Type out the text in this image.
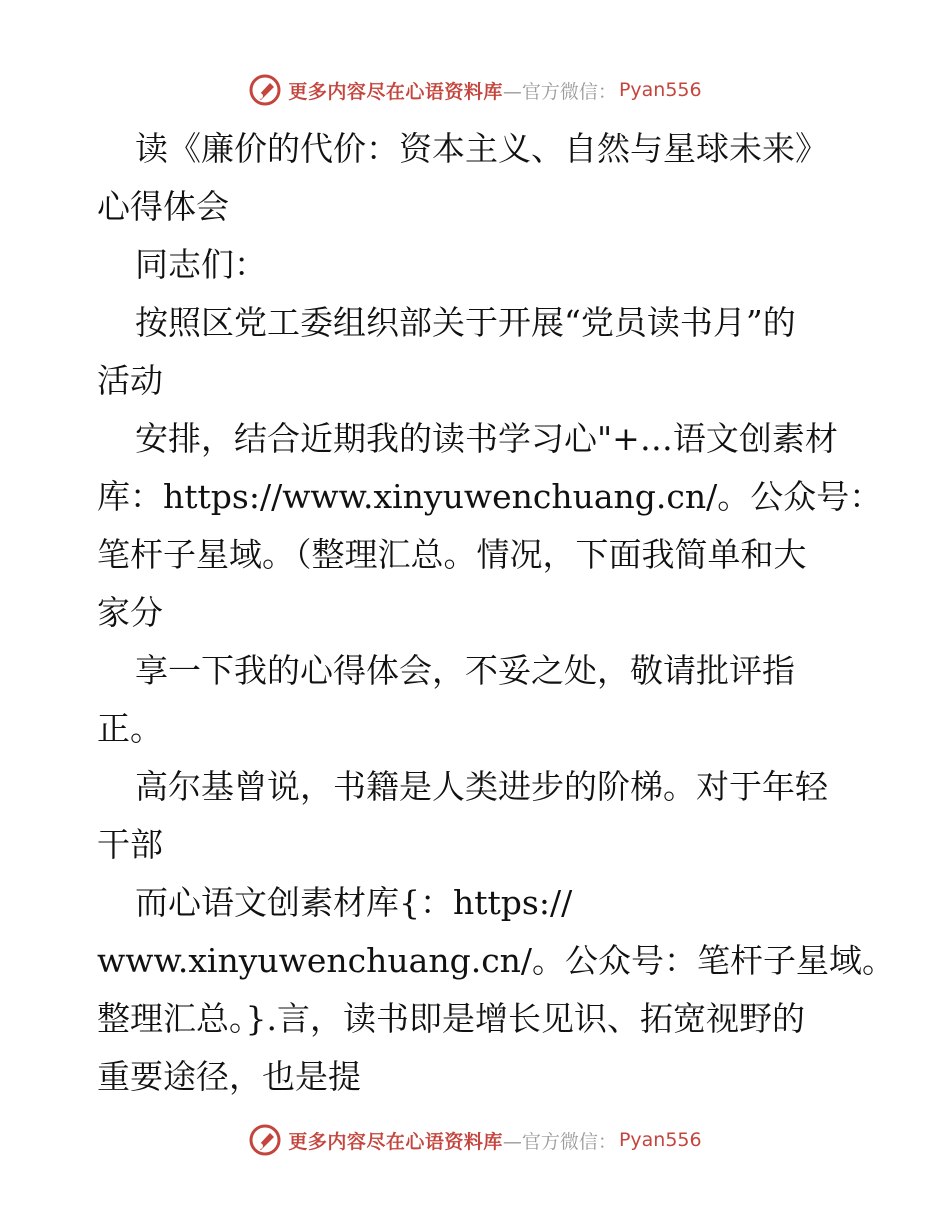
更多内容尽在心语资料库 —官方微信： Pyan556
读《廉价的代价：资本主义、自然与星球未来》
心得体会
同志们：
按照区党工委组织部关于开展“党员读书月”的
活动
安排，结合近期我的读书学习心"+…语文创素材
库：https://www.xinyuwenchuang.cn/。公众号：
笔杆子星域。（整理汇总。情况，下面我简单和大
家分
享一下我的心得体会，不妥之处，敬请批评指
正。
高尔基曾说，书籍是人类进步的阶梯。对于年轻
干部
而心语文创素材库{：https://
www.xinyuwenchuang.cn/。公众号：笔杆子星域。
整理汇总。}.言，读书即是增长见识、拓宽视野的
重要途径，也是提
更多内容尽在心语资料库 —官方微信： Pyan556
